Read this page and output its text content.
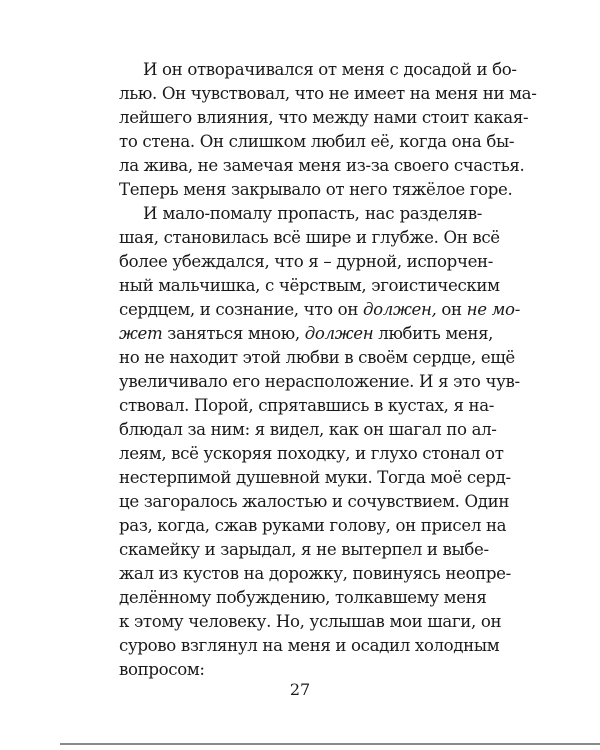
И он отворачивался от меня с досадой и бо-
лью. Он чувствовал, что не имеет на меня ни ма-
лейшего влияния, что между нами стоит какая-
то стена. Он слишком любил её, когда она бы-
ла жива, не замечая меня из-за своего счастья.
Теперь меня закрывало от него тяжёлое горе.
И мало-помалу пропасть, нас разделяв-
шая, становилась всё шире и глубже. Он всё
более убеждался, что я – дурной, испорчен-
ный мальчишка, с чёрствым, эгоистическим
сердцем, и сознание, что он должен, он не мо-
жет заняться мною, должен любить меня,
но не находит этой любви в своём сердце, ещё
увеличивало его нерасположение. И я это чув-
ствовал. Порой, спрятавшись в кустах, я на-
блюдал за ним: я видел, как он шагал по ал-
леям, всё ускоряя походку, и глухо стонал от
нестерпимой душевной муки. Тогда моё серд-
це загоралось жалостью и сочувствием. Один
раз, когда, сжав руками голову, он присел на
скамейку и зарыдал, я не вытерпел и выбе-
жал из кустов на дорожку, повинуясь неопре-
делённому побуждению, толкавшему меня
к этому человеку. Но, услышав мои шаги, он
сурово взглянул на меня и осадил холодным
вопросом:
27
